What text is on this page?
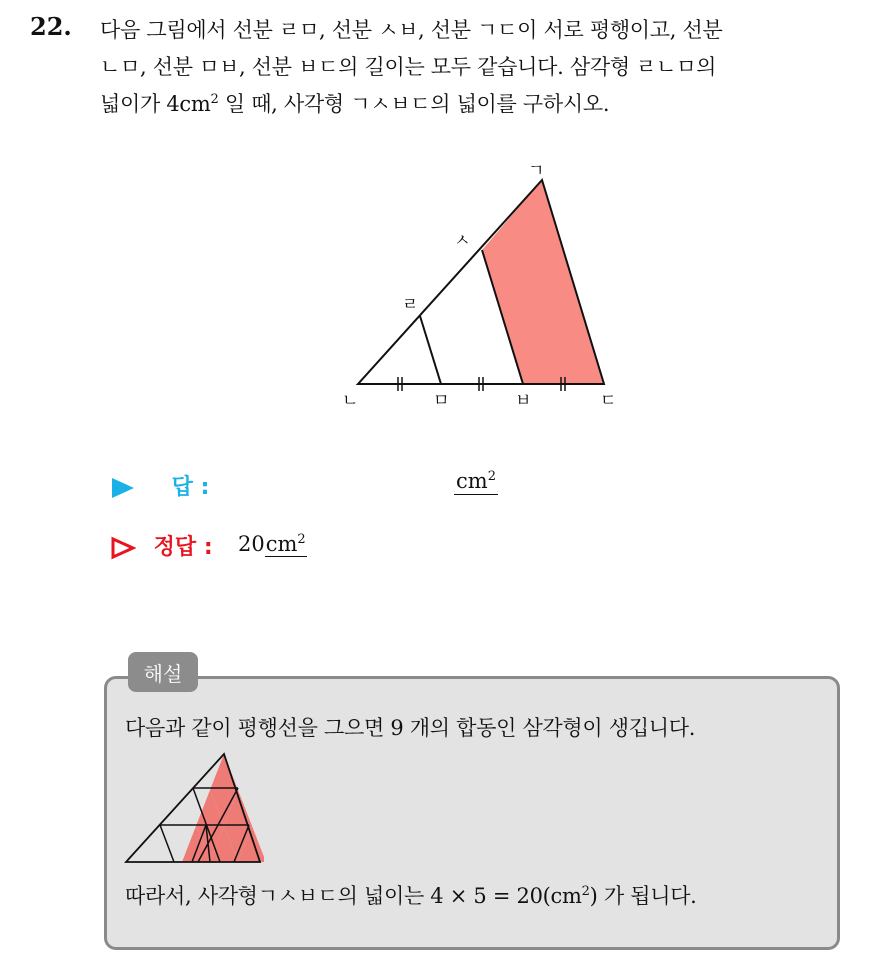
22. 다음 그림에서 선분 ㄹㅁ, 선분 ㅅㅂ, 선분 ㄱㄷ이 서로 평행이고, 선분
ㄴㅁ, 선분 ㅁㅂ, 선분 ㅂㄷ의 길이는 모두 같습니다. 삼각형 ㄹㄴㅁ의
넓이가 $4cm^2$ 일 때, 사각형 ㄱㅅㅂㄷ의 넓이를 구하시오.
ㄱ
ㅅ
ㄹ
ㄴ	ㅁ	ㅂ	ㄷ
답 :	$cm^2$
정답 : $20cm^2$
해설
다음과 같이 평행선을 그으면 9 개의 합동인 삼각형이 생깁니다.
따라서, 사각형ㄱㅅㅂㄷ의 넓이는 $4 \times 5 = 20(cm^2)$ 가 됩니다.
